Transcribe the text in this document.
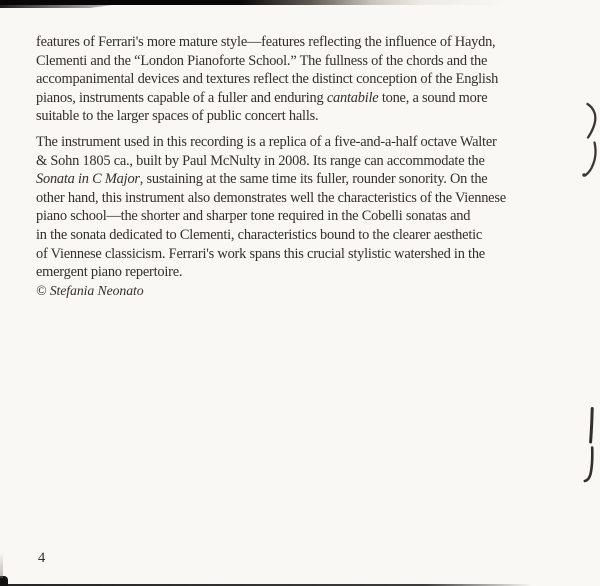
features of Ferrari's more mature style—features reflecting the influence of Haydn,
Clementi and the “London Pianoforte School.” The fullness of the chords and the
accompanimental devices and textures reflect the distinct conception of the English
pianos, instruments capable of a fuller and enduring cantabile tone, a sound more
suitable to the larger spaces of public concert halls.
The instrument used in this recording is a replica of a five-and-a-half octave Walter
& Sohn 1805 ca., built by Paul McNulty in 2008. Its range can accommodate the
Sonata in C Major, sustaining at the same time its fuller, rounder sonority. On the
other hand, this instrument also demonstrates well the characteristics of the Viennese
piano school—the shorter and sharper tone required in the Cobelli sonatas and
in the sonata dedicated to Clementi, characteristics bound to the clearer aesthetic
of Viennese classicism. Ferrari's work spans this crucial stylistic watershed in the
emergent piano repertoire.
© Stefania Neonato
4
